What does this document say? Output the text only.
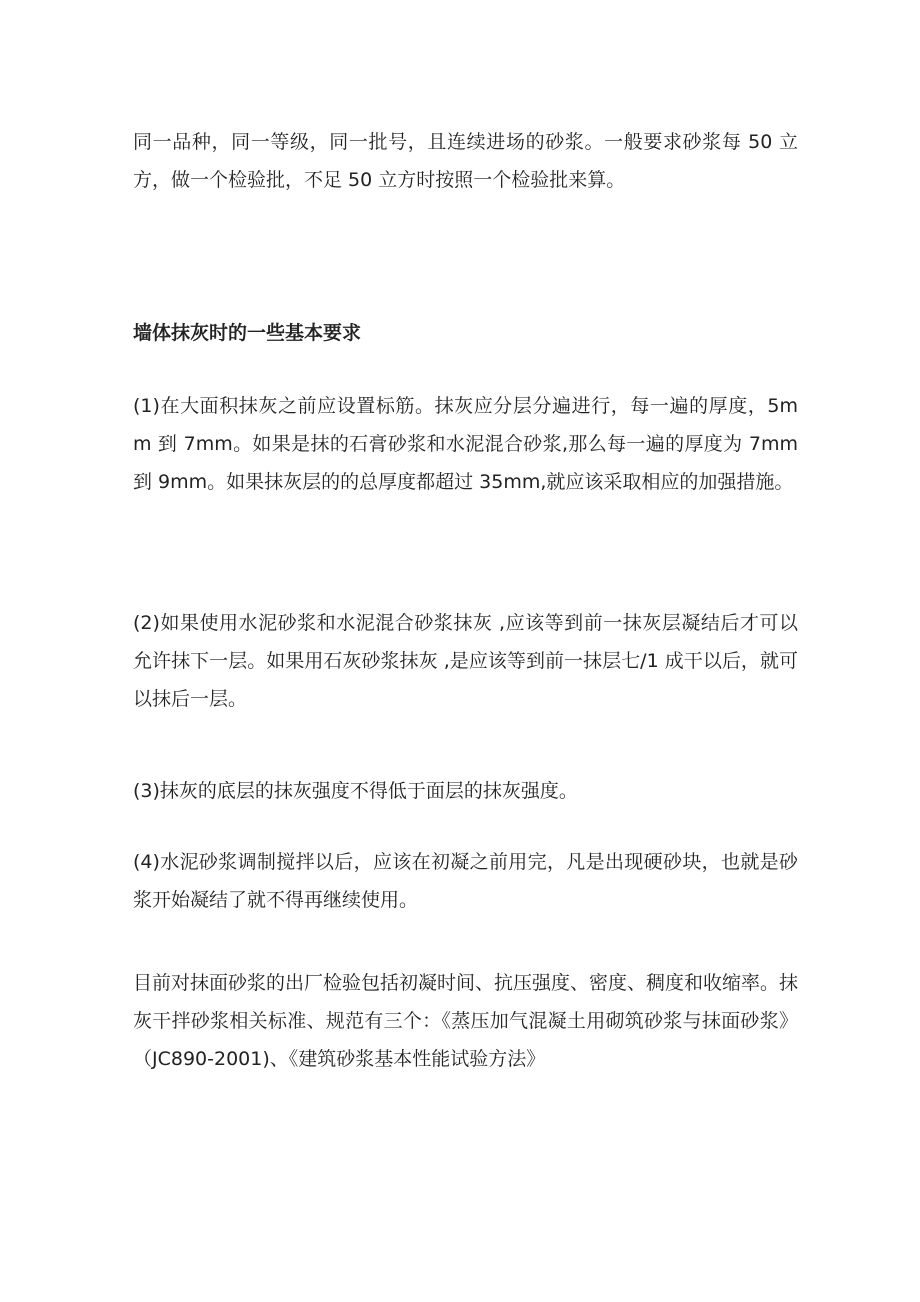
同一品种，同一等级，同一批号，且连续进场的砂浆。一般要求砂浆每 50 立方，做一个检验批，不足 50 立方时按照一个检验批来算。

墙体抹灰时的一些基本要求

(1)在大面积抹灰之前应设置标筋。抹灰应分层分遍进行，每一遍的厚度，5mm 到 7mm。如果是抹的石膏砂浆和水泥混合砂浆,那么每一遍的厚度为 7mm 到 9mm。如果抹灰层的的总厚度都超过 35mm,就应该采取相应的加强措施。

(2)如果使用水泥砂浆和水泥混合砂浆抹灰 ,应该等到前一抹灰层凝结后才可以允许抹下一层。如果用石灰砂浆抹灰 ,是应该等到前一抹层七/1 成干以后，就可以抹后一层。

(3)抹灰的底层的抹灰强度不得低于面层的抹灰强度。

(4)水泥砂浆调制搅拌以后，应该在初凝之前用完，凡是出现硬砂块，也就是砂浆开始凝结了就不得再继续使用。

目前对抹面砂浆的出厂检验包括初凝时间、抗压强度、密度、稠度和收缩率。抹灰干拌砂浆相关标准、规范有三个：《蒸压加气混凝土用砌筑砂浆与抹面砂浆》（JC890-2001)、《建筑砂浆基本性能试验方法》
